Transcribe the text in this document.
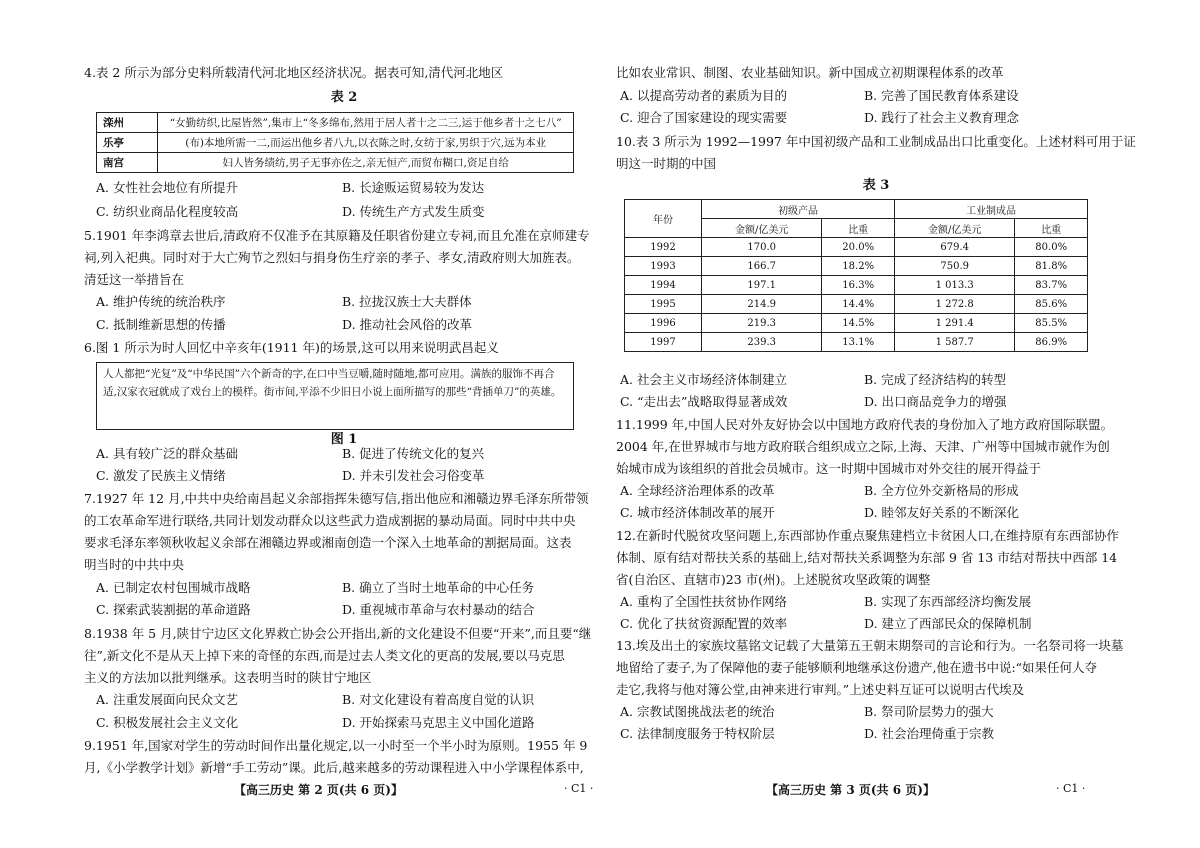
4.表 2 所示为部分史料所载清代河北地区经济状况。据表可知,清代河北地区
表 2
滦州	“女勤纺织,比屋皆然”,集市上“冬多绵布,然用于居人者十之二三,运于他乡者十之七八”
乐亭	(布)本地所需一二,而运出他乡者八九,以衣陈之时,女纺于家,男织于穴,远为本业
南宫	妇人皆务绩纺,男子无事亦佐之,亲无恒产,而贸布糊口,资足自给
A. 女性社会地位有所提升	B. 长途贩运贸易较为发达
C. 纺织业商品化程度较高	D. 传统生产方式发生质变
5.1901 年李鸿章去世后,清政府不仅准予在其原籍及任职省份建立专祠,而且允准在京师建专
祠,列入祀典。同时对于大亡殉节之烈妇与捐身伤生疗亲的孝子、孝女,清政府则大加旌表。
清廷这一举措旨在
A. 维护传统的统治秩序	B. 拉拢汉族士大夫群体
C. 抵制维新思想的传播	D. 推动社会风俗的改革
6.图 1 所示为时人回忆中辛亥年(1911 年)的场景,这可以用来说明武昌起义
人人都把“光复”及“中华民国”六个新奇的字,在口中当豆嚼,随时随地,都可应用。满族的服饰不再合适,汉家衣冠就成了戏台上的模样。街市间,平添不少旧日小说上面所描写的那些“背插单刀”的英雄。
图 1
A. 具有较广泛的群众基础	B. 促进了传统文化的复兴
C. 激发了民族主义情绪	D. 并未引发社会习俗变革
7.1927 年 12 月,中共中央给南昌起义余部指挥朱德写信,指出他应和湘赣边界毛泽东所带领
的工农革命军进行联络,共同计划发动群众以这些武力造成割据的暴动局面。同时中共中央
要求毛泽东率领秋收起义余部在湘赣边界或湘南创造一个深入土地革命的割据局面。这表
明当时的中共中央
A. 已制定农村包围城市战略	B. 确立了当时土地革命的中心任务
C. 探索武装割据的革命道路	D. 重视城市革命与农村暴动的结合
8.1938 年 5 月,陕甘宁边区文化界救亡协会公开指出,新的文化建设不但要“开来”,而且要“继
往”,新文化不是从天上掉下来的奇怪的东西,而是过去人类文化的更高的发展,要以马克思
主义的方法加以批判继承。这表明当时的陕甘宁地区
A. 注重发展面向民众文艺	B. 对文化建设有着高度自觉的认识
C. 积极发展社会主义文化	D. 开始探索马克思主义中国化道路
9.1951 年,国家对学生的劳动时间作出量化规定,以一小时至一个半小时为原则。1955 年 9
月,《小学教学计划》新增“手工劳动”课。此后,越来越多的劳动课程进入中小学课程体系中,
【高三历史 第 2 页(共 6 页)】	· C1 ·
比如农业常识、制图、农业基础知识。新中国成立初期课程体系的改革
A. 以提高劳动者的素质为目的	B. 完善了国民教育体系建设
C. 迎合了国家建设的现实需要	D. 践行了社会主义教育理念
10.表 3 所示为 1992—1997 年中国初级产品和工业制成品出口比重变化。上述材料可用于证
明这一时期的中国
表 3
年份	初级产品		工业制成品	
	金额/亿美元	比重	金额/亿美元	比重
1992	170.0	20.0%	679.4	80.0%
1993	166.7	18.2%	750.9	81.8%
1994	197.1	16.3%	1 013.3	83.7%
1995	214.9	14.4%	1 272.8	85.6%
1996	219.3	14.5%	1 291.4	85.5%
1997	239.3	13.1%	1 587.7	86.9%
A. 社会主义市场经济体制建立	B. 完成了经济结构的转型
C. “走出去”战略取得显著成效	D. 出口商品竞争力的增强
11.1999 年,中国人民对外友好协会以中国地方政府代表的身份加入了地方政府国际联盟。
2004 年,在世界城市与地方政府联合组织成立之际,上海、天津、广州等中国城市就作为创
始城市成为该组织的首批会员城市。这一时期中国城市对外交往的展开得益于
A. 全球经济治理体系的改革	B. 全方位外交新格局的形成
C. 城市经济体制改革的展开	D. 睦邻友好关系的不断深化
12.在新时代脱贫攻坚问题上,东西部协作重点聚焦建档立卡贫困人口,在维持原有东西部协作
体制、原有结对帮扶关系的基础上,结对帮扶关系调整为东部 9 省 13 市结对帮扶中西部 14
省(自治区、直辖市)23 市(州)。上述脱贫攻坚政策的调整
A. 重构了全国性扶贫协作网络	B. 实现了东西部经济均衡发展
C. 优化了扶贫资源配置的效率	D. 建立了西部民众的保障机制
13.埃及出土的家族坟墓铭文记载了大量第五王朝末期祭司的言论和行为。一名祭司将一块墓
地留给了妻子,为了保障他的妻子能够顺利地继承这份遗产,他在遗书中说:“如果任何人夺
走它,我将与他对簿公堂,由神来进行审判。”上述史料互证可以说明古代埃及
A. 宗教试图挑战法老的统治	B. 祭司阶层势力的强大
C. 法律制度服务于特权阶层	D. 社会治理倚重于宗教
【高三历史 第 3 页(共 6 页)】	· C1 ·
